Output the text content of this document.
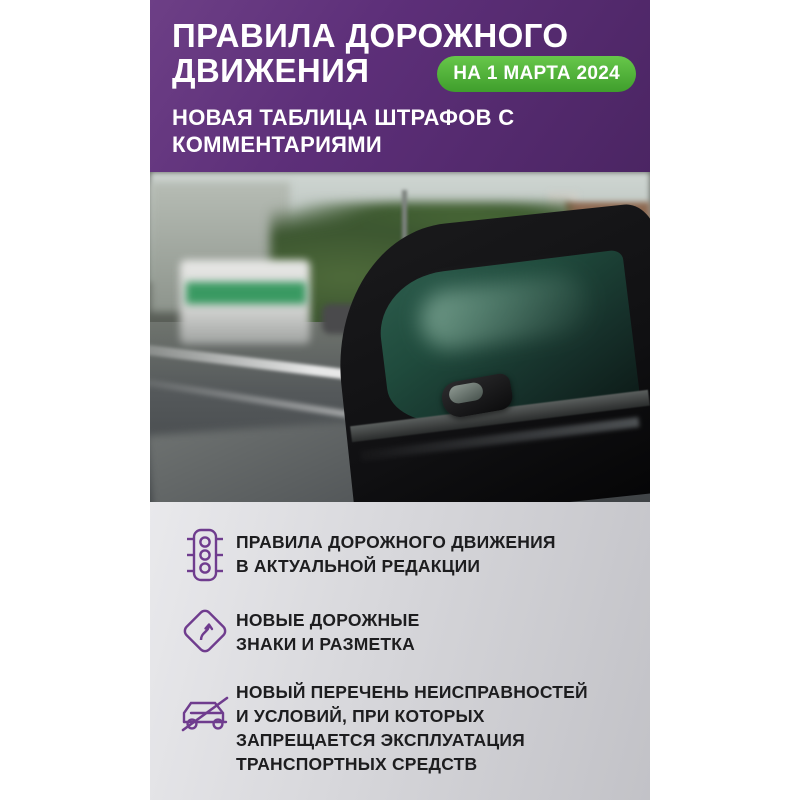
ПРАВИЛА ДОРОЖНОГО ДВИЖЕНИЯ	НА 1 МАРТА 2024
НОВАЯ ТАБЛИЦА ШТРАФОВ С КОММЕНТАРИЯМИ
ПРАВИЛА ДОРОЖНОГО ДВИЖЕНИЯ
В АКТУАЛЬНОЙ РЕДАКЦИИ
НОВЫЕ ДОРОЖНЫЕ
ЗНАКИ И РАЗМЕТКА
НОВЫЙ ПЕРЕЧЕНЬ НЕИСПРАВНОСТЕЙ
И УСЛОВИЙ, ПРИ КОТОРЫХ
ЗАПРЕЩАЕТСЯ ЭКСПЛУАТАЦИЯ
ТРАНСПОРТНЫХ СРЕДСТВ
